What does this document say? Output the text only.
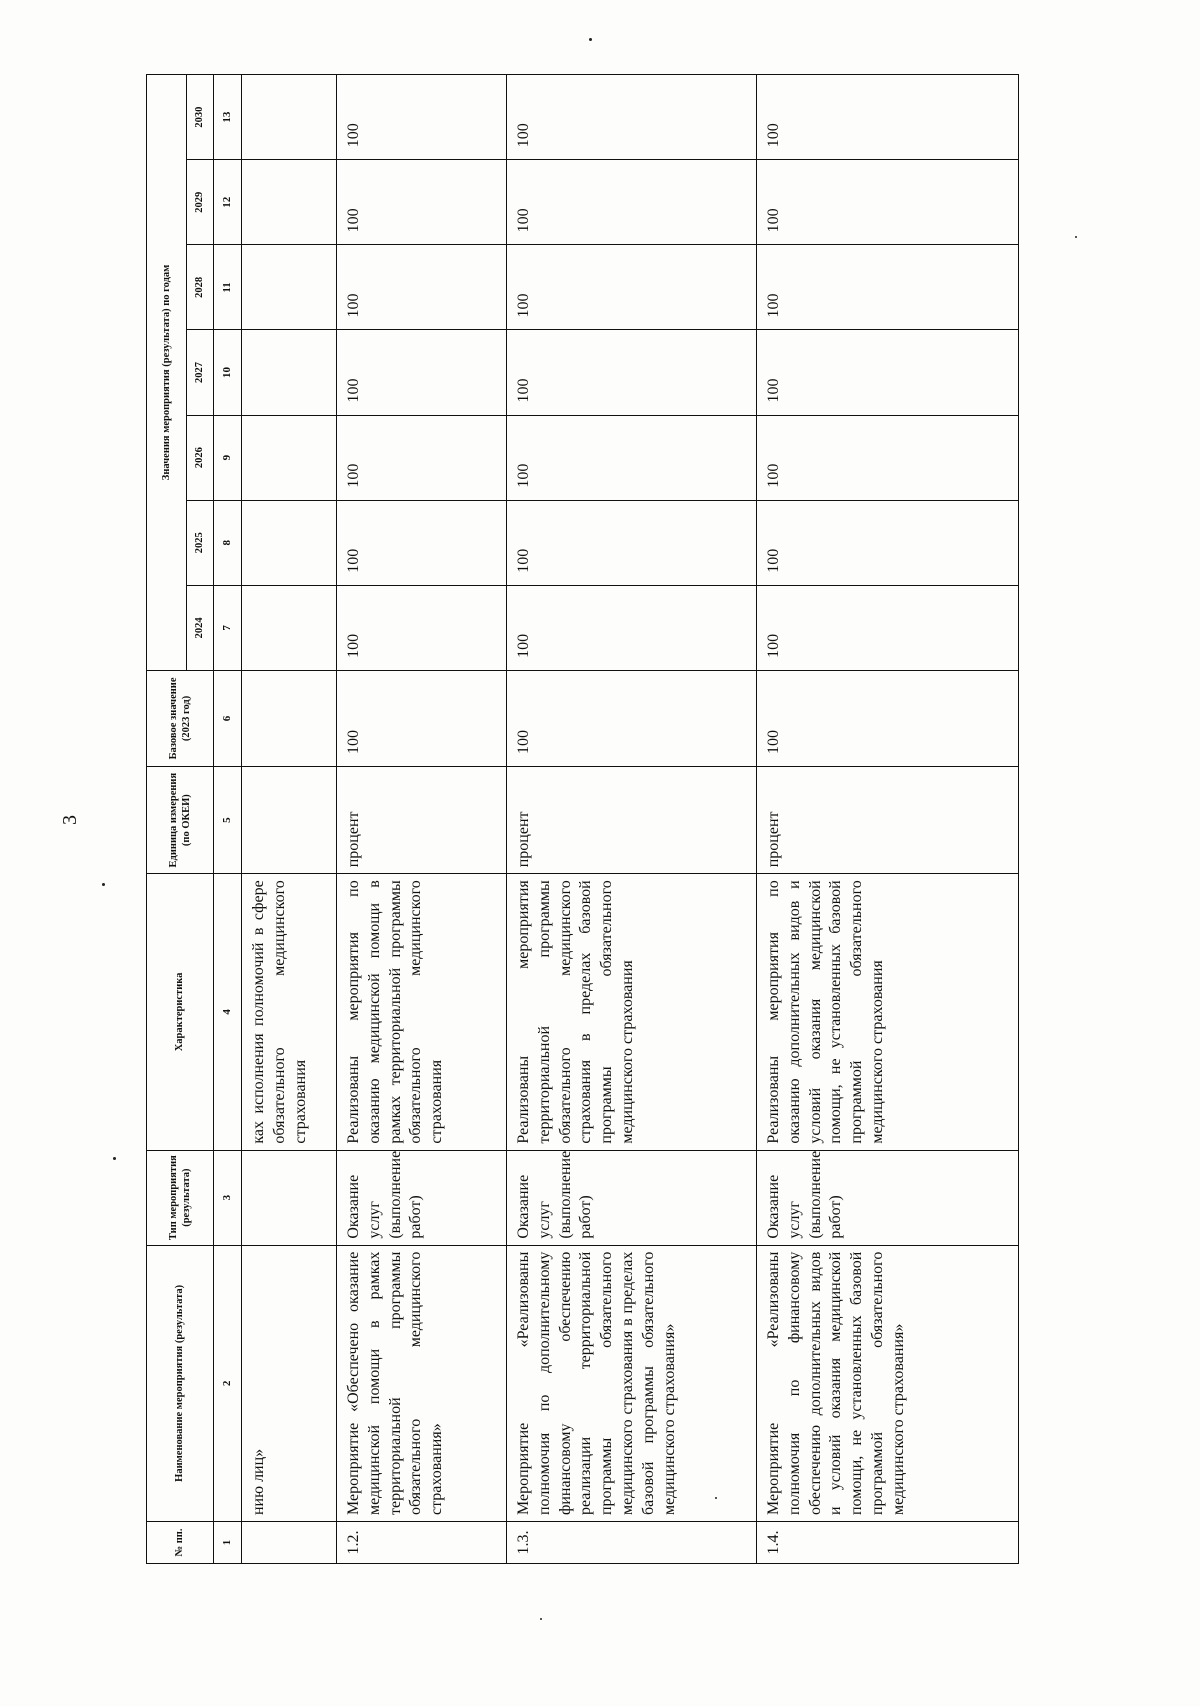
3
№ пп.	Наименование мероприятия (результата)	Тип мероприятия (результата)	Характеристика	Единица измерения (по ОКЕИ)	Базовое значение (2023 год)	Значения мероприятия (результата) по годам						
						2024	2025	2026	2027	2028	2029	2030
1	2	3	4	5	6	7	8	9	10	11	12	13
	нию лиц»		ках исполнения полномочий в сфере обязательного медицинского страхования									
1.2.	Мероприятие «Обеспечено оказание медицинской помощи в рамках территориальной программы обязательного медицинского страхования»	Оказание услуг (выполнение работ)	Реализованы мероприятия по оказанию медицинской помощи в рамках территориальной программы обязательного медицинского страхования	процент	100	100	100	100	100	100	100	100
1.3.	Мероприятие «Реализованы полномочия по дополнительному финансовому обеспечению реализации территориальной программы обязательного медицинского страхования в пределах базовой программы обязательного медицинского страхования»	Оказание услуг (выполнение работ)	Реализованы мероприятия территориальной программы обязательного медицинского страхования в пределах базовой программы обязательного медицинского страхования	процент	100	100	100	100	100	100	100	100
1.4.	Мероприятие «Реализованы полномочия по финансовому обеспечению дополнительных видов и условий оказания медицинской помощи, не установленных базовой программой обязательного медицинского страхования»	Оказание услуг (выполнение работ)	Реализованы мероприятия по оказанию дополнительных видов и условий оказания медицинской помощи, не установленных базовой программой обязательного медицинского страхования	процент	100	100	100	100	100	100	100	100
